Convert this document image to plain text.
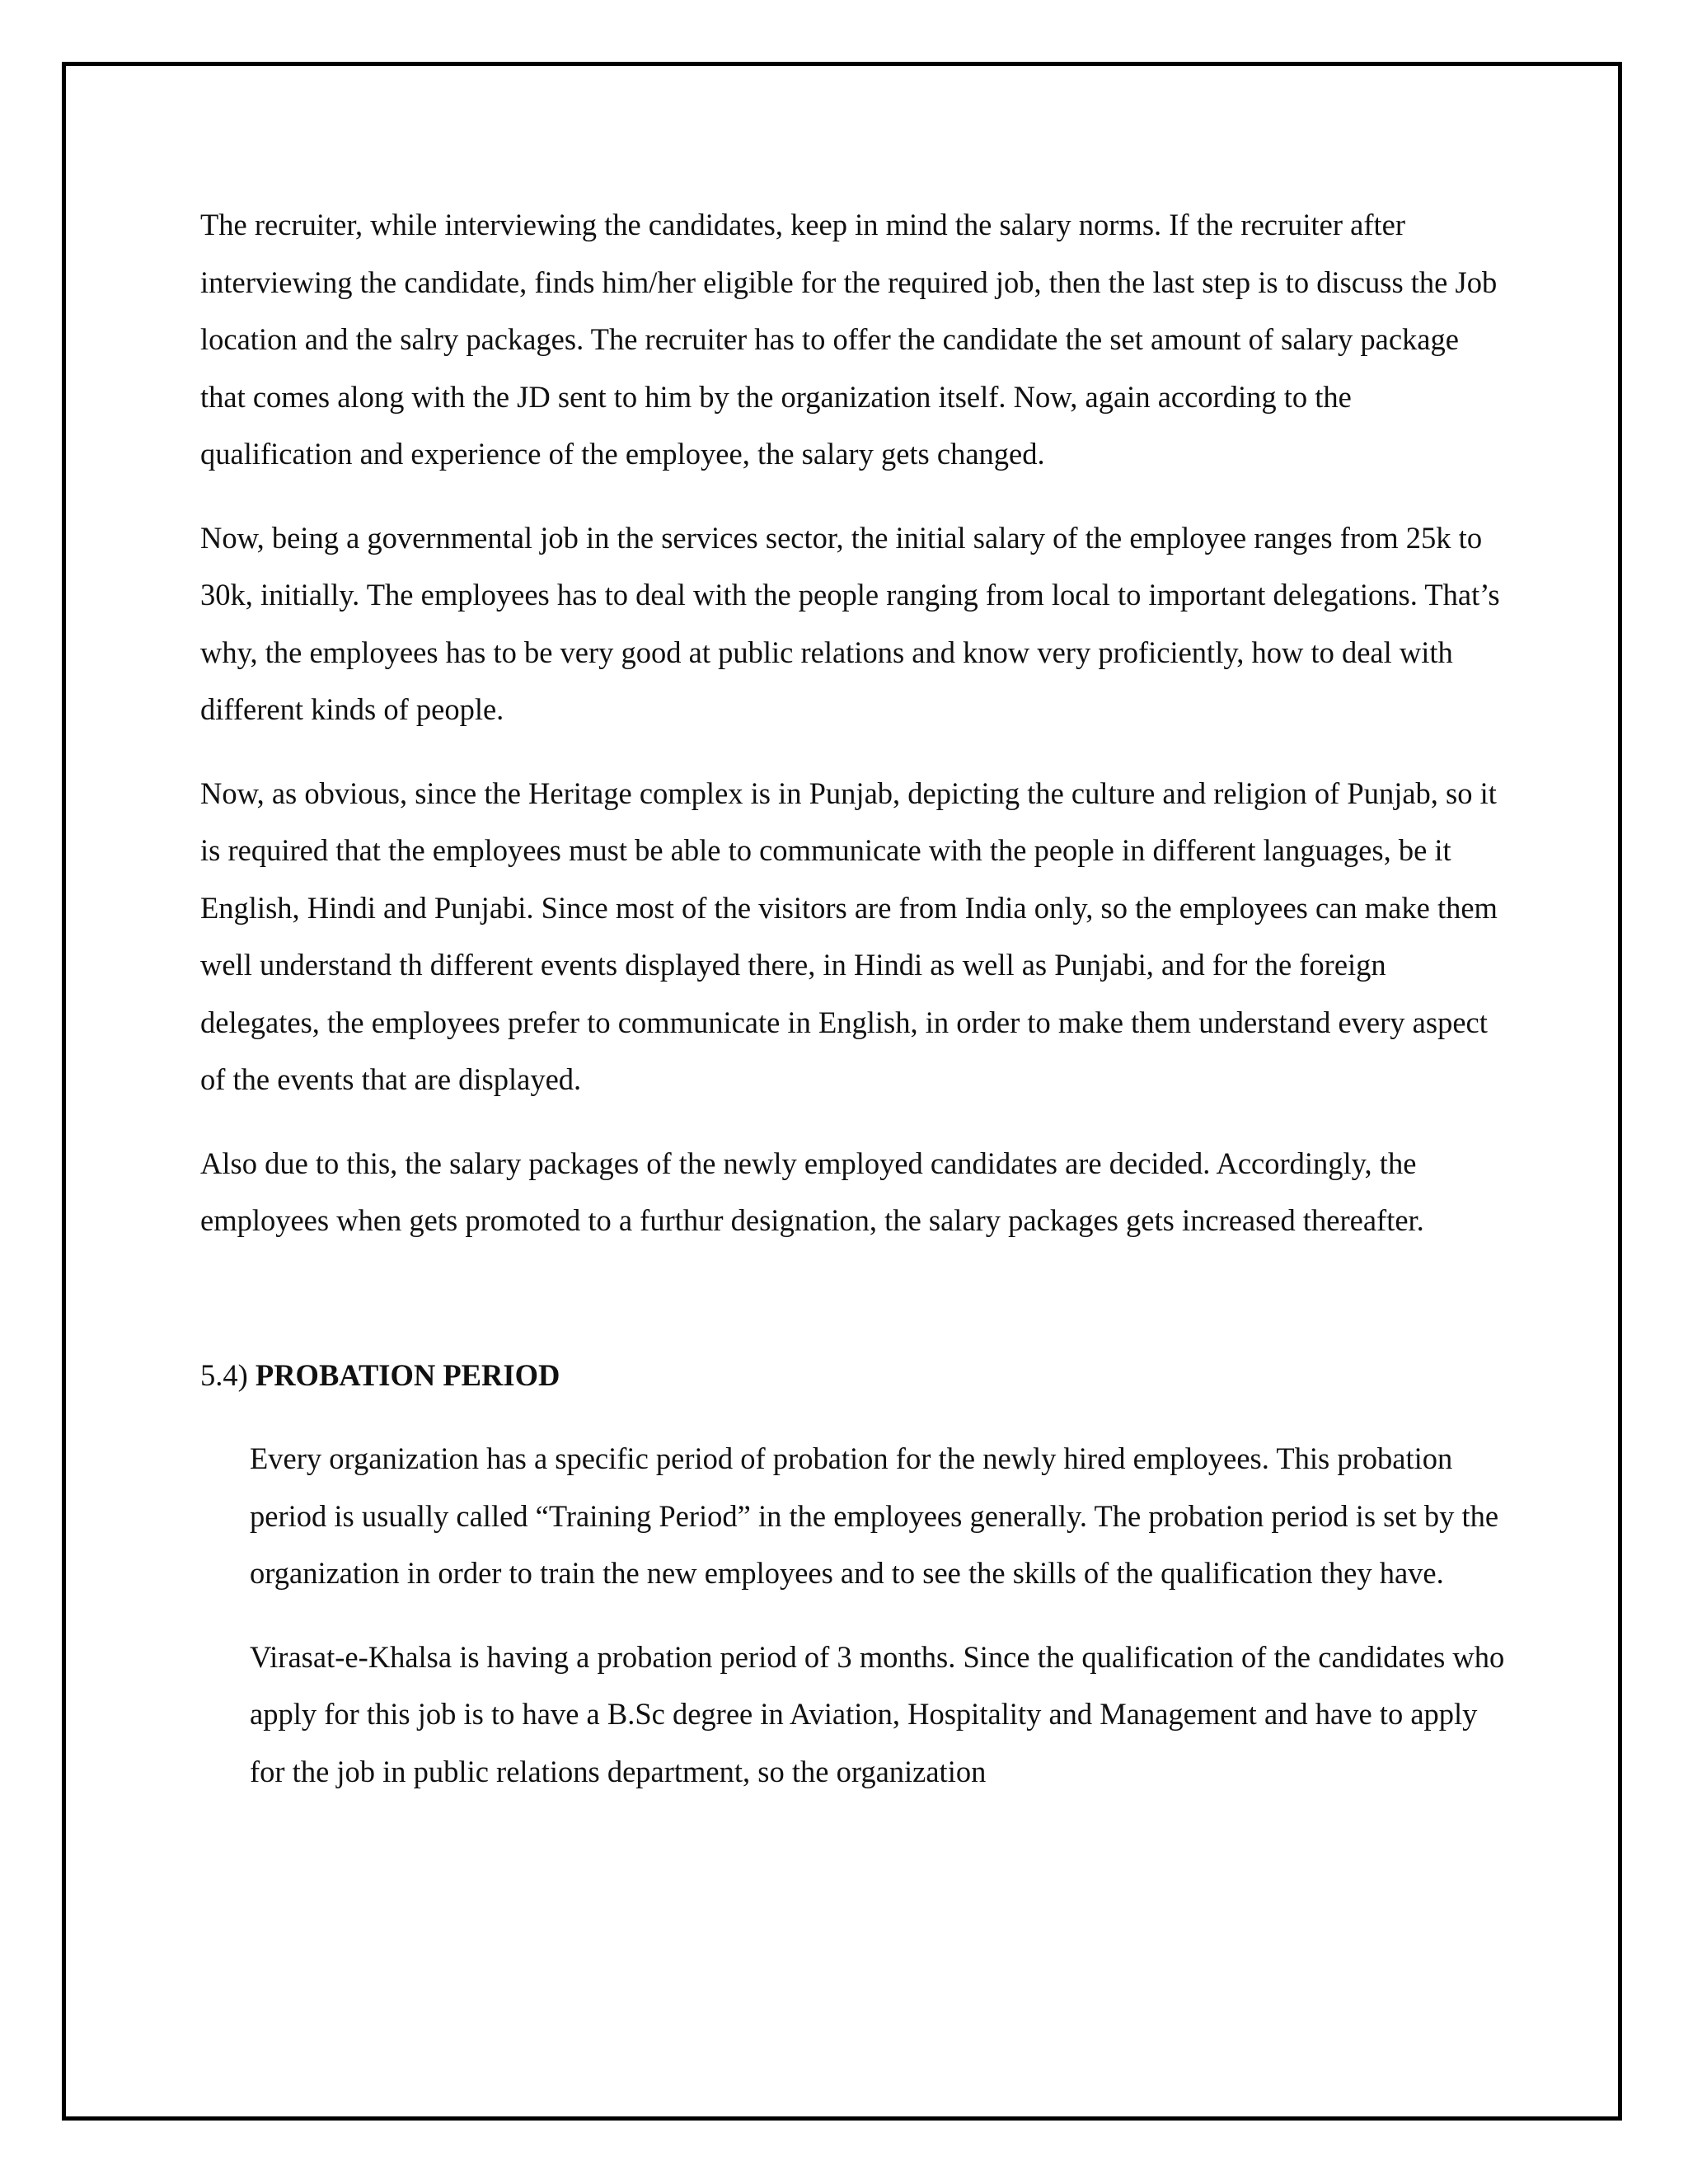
The recruiter, while interviewing the candidates, keep in mind the salary norms. If the recruiter after interviewing the candidate, finds him/her eligible for the required job, then the last step is to discuss the Job location and the salry packages. The recruiter has to offer the candidate the set amount of salary package that comes along with the JD sent to him by the organization itself. Now, again according to the qualification and experience of the employee, the salary gets changed.

Now, being a governmental job in the services sector, the initial salary of the employee ranges from 25k to 30k, initially. The employees has to deal with the people ranging from local to important delegations. That’s why, the employees has to be very good at public relations and know very proficiently, how to deal with different kinds of people.

Now, as obvious, since the Heritage complex is in Punjab, depicting the culture and religion of Punjab, so it is required that the employees must be able to communicate with the people in different languages, be it English, Hindi and Punjabi. Since most of the visitors are from India only, so the employees can make them well understand th different events displayed there, in Hindi as well as Punjabi, and for the foreign delegates, the employees prefer to communicate in English, in order to make them understand every aspect of the events that are displayed.

Also due to this, the salary packages of the newly employed candidates are decided. Accordingly, the employees when gets promoted to a furthur designation, the salary packages gets increased thereafter.

5.4) PROBATION PERIOD

Every organization has a specific period of probation for the newly hired employees. This probation period is usually called “Training Period” in the employees generally. The probation period is set by the organization in order to train the new employees and to see the skills of the qualification they have.

Virasat-e-Khalsa is having a probation period of 3 months. Since the qualification of the candidates who apply for this job is to have a B.Sc degree in Aviation, Hospitality and Management and have to apply for the job in public relations department, so the organization
